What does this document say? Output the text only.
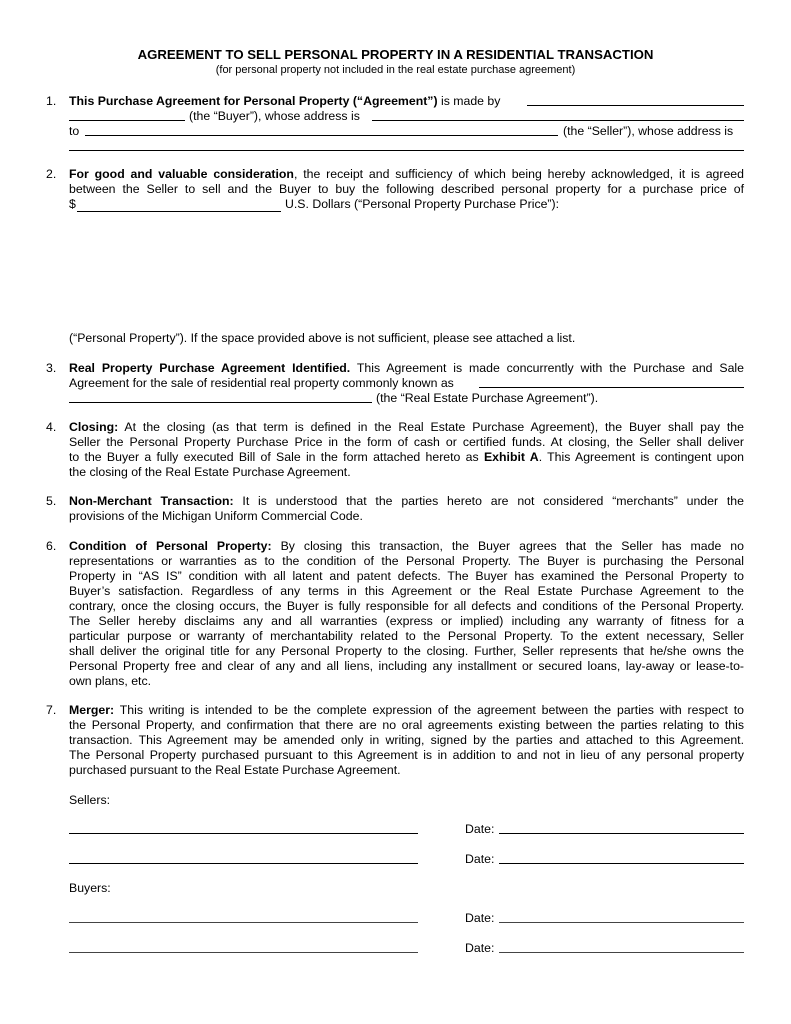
AGREEMENT TO SELL PERSONAL PROPERTY IN A RESIDENTIAL TRANSACTION
(for personal property not included in the real estate purchase agreement)
1. This Purchase Agreement for Personal Property (“Agreement”) is made by
(the “Buyer”), whose address is
to	(the “Seller”), whose address is
2. For good and valuable consideration, the receipt and sufficiency of which being hereby acknowledged, it is agreed
between the Seller to sell and the Buyer to buy the following described personal property for a purchase price of
$	U.S. Dollars (“Personal Property Purchase Price”):
(“Personal Property”). If the space provided above is not sufficient, please see attached a list.
3. Real Property Purchase Agreement Identified. This Agreement is made concurrently with the Purchase and Sale
Agreement for the sale of residential real property commonly known as
(the “Real Estate Purchase Agreement”).
4. Closing: At the closing (as that term is defined in the Real Estate Purchase Agreement), the Buyer shall pay the
Seller the Personal Property Purchase Price in the form of cash or certified funds. At closing, the Seller shall deliver
to the Buyer a fully executed Bill of Sale in the form attached hereto as Exhibit A. This Agreement is contingent upon
the closing of the Real Estate Purchase Agreement.
5. Non-Merchant Transaction: It is understood that the parties hereto are not considered “merchants” under the
provisions of the Michigan Uniform Commercial Code.
6. Condition of Personal Property: By closing this transaction, the Buyer agrees that the Seller has made no
representations or warranties as to the condition of the Personal Property. The Buyer is purchasing the Personal
Property in “AS IS” condition with all latent and patent defects. The Buyer has examined the Personal Property to
Buyer’s satisfaction. Regardless of any terms in this Agreement or the Real Estate Purchase Agreement to the
contrary, once the closing occurs, the Buyer is fully responsible for all defects and conditions of the Personal Property.
The Seller hereby disclaims any and all warranties (express or implied) including any warranty of fitness for a
particular purpose or warranty of merchantability related to the Personal Property. To the extent necessary, Seller
shall deliver the original title for any Personal Property to the closing. Further, Seller represents that he/she owns the
Personal Property free and clear of any and all liens, including any installment or secured loans, lay-away or lease-to-
own plans, etc.
7. Merger: This writing is intended to be the complete expression of the agreement between the parties with respect to
the Personal Property, and confirmation that there are no oral agreements existing between the parties relating to this
transaction. This Agreement may be amended only in writing, signed by the parties and attached to this Agreement.
The Personal Property purchased pursuant to this Agreement is in addition to and not in lieu of any personal property
purchased pursuant to the Real Estate Purchase Agreement.
Sellers:
Date:
Date:
Buyers:
Date:
Date:
